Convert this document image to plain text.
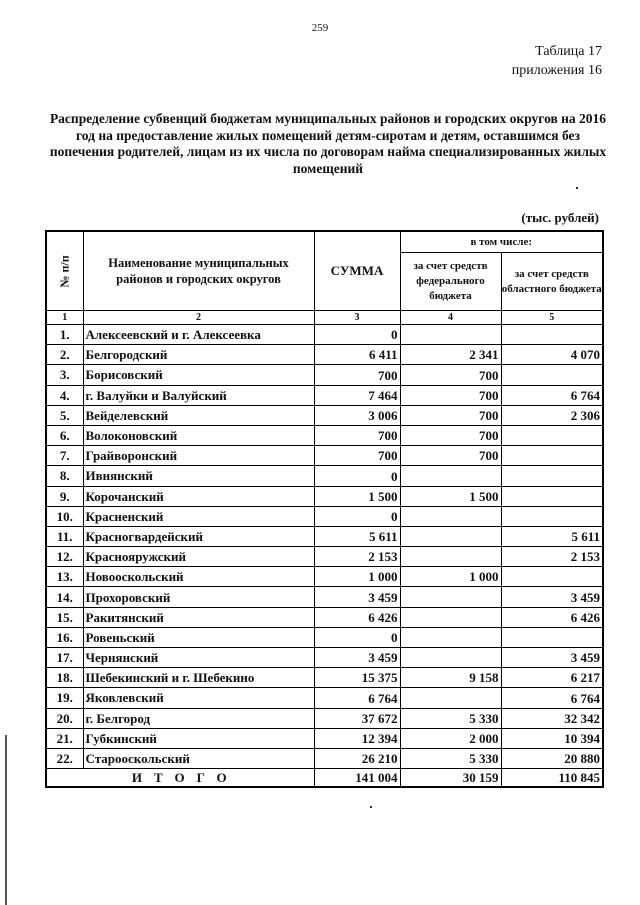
259
Таблица 17
приложения 16
Распределение субвенций бюджетам муниципальных районов и городских округов на 2016 год на предоставление жилых помещений детям-сиротам и детям, оставшимся без попечения родителей, лицам из их числа по договорам найма специализированных жилых помещений
(тыс. рублей)
№ п/п	Наименование муниципальных районов и городских округов	СУММА	в том числе:	
			за счет средств федерального бюджета	за счет средств областного бюджета
1	2	3	4	5
1.	Алексеевский и г. Алексеевка	0		
2.	Белгородский	6 411	2 341	4 070
3.	Борисовский	700	700	
4.	г. Валуйки и Валуйский	7 464	700	6 764
5.	Вейделевский	3 006	700	2 306
6.	Волоконовский	700	700	
7.	Грайворонский	700	700	
8.	Ивнянский	0		
9.	Корочанский	1 500	1 500	
10.	Красненский	0		
11.	Красногвардейский	5 611		5 611
12.	Краснояружский	2 153		2 153
13.	Новооскольский	1 000	1 000	
14.	Прохоровский	3 459		3 459
15.	Ракитянский	6 426		6 426
16.	Ровеньский	0		
17.	Чернянский	3 459		3 459
18.	Шебекинский и г. Шебекино	15 375	9 158	6 217
19.	Яковлевский	6 764		6 764
20.	г. Белгород	37 672	5 330	32 342
21.	Губкинский	12 394	2 000	10 394
22.	Старооскольский	26 210	5 330	20 880
ИТОГО		141 004	30 159	110 845
